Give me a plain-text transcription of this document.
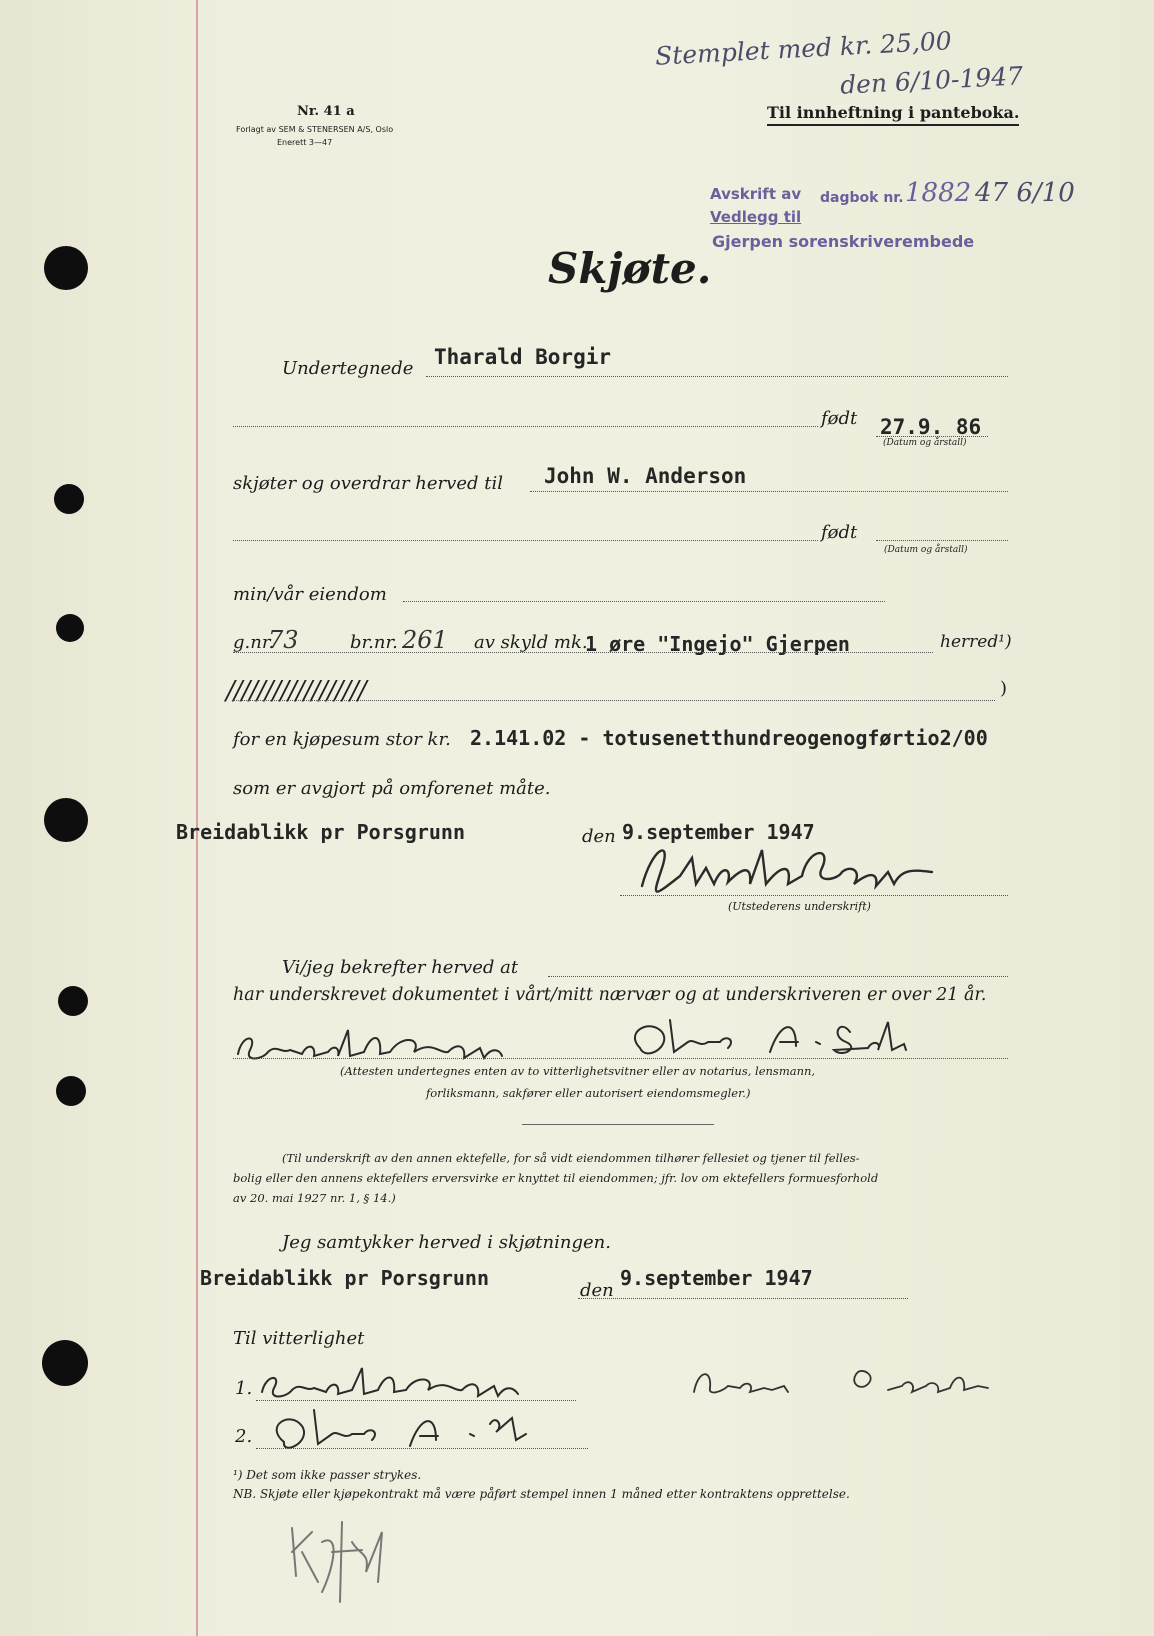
Nr. 41 a
Forlagt av SEM & STENERSEN A/S, Oslo
Enerett 3—47
Til innheftning i panteboka.
Stemplet med kr. 25,00
den 6/10-1947
Avskrift av dagbok nr. 1882 47 6/10
Vedlegg til
Gjerpen sorenskriverembede
Skjøte.
Undertegnede Tharald Borgir
født 27.9. 86
(Datum og årstall)
skjøter og overdrar herved til John W. Anderson
født
(Datum og årstall)
min/vår eiendom
g.nr.
73	br.nr. 261 av skyld mk.
1 øre "Ingejo" Gjerpen	herred¹)
//////////////////	)
for en kjøpesum stor kr. 2.141.02 - totusenetthundreogenogførtio2/00
som er avgjort på omforenet måte.
Breidablikk pr Porsgrunn	den 9.september 1947
(Utstederens underskrift)
Vi/jeg bekrefter herved at
har underskrevet dokumentet i vårt/mitt nærvær og at underskriveren er over 21 år.
(Attesten undertegnes enten av to vitterlighetsvitner eller av notarius, lensmann,
forliksmann, sakfører eller autorisert eiendomsmegler.)
(Til underskrift av den annen ektefelle, for så vidt eiendommen tilhører fellesiet og tjener til felles-
bolig eller den annens ektefellers erversvirke er knyttet til eiendommen; jfr. lov om ektefellers formuesforhold
av 20. mai 1927 nr. 1, § 14.)
Jeg samtykker herved i skjøtningen.
Breidablikk pr Porsgrunn
den
9.september 1947
Til vitterlighet
1.
2.
¹) Det som ikke passer strykes.
NB. Skjøte eller kjøpekontrakt må være påført stempel innen 1 måned etter kontraktens opprettelse.
